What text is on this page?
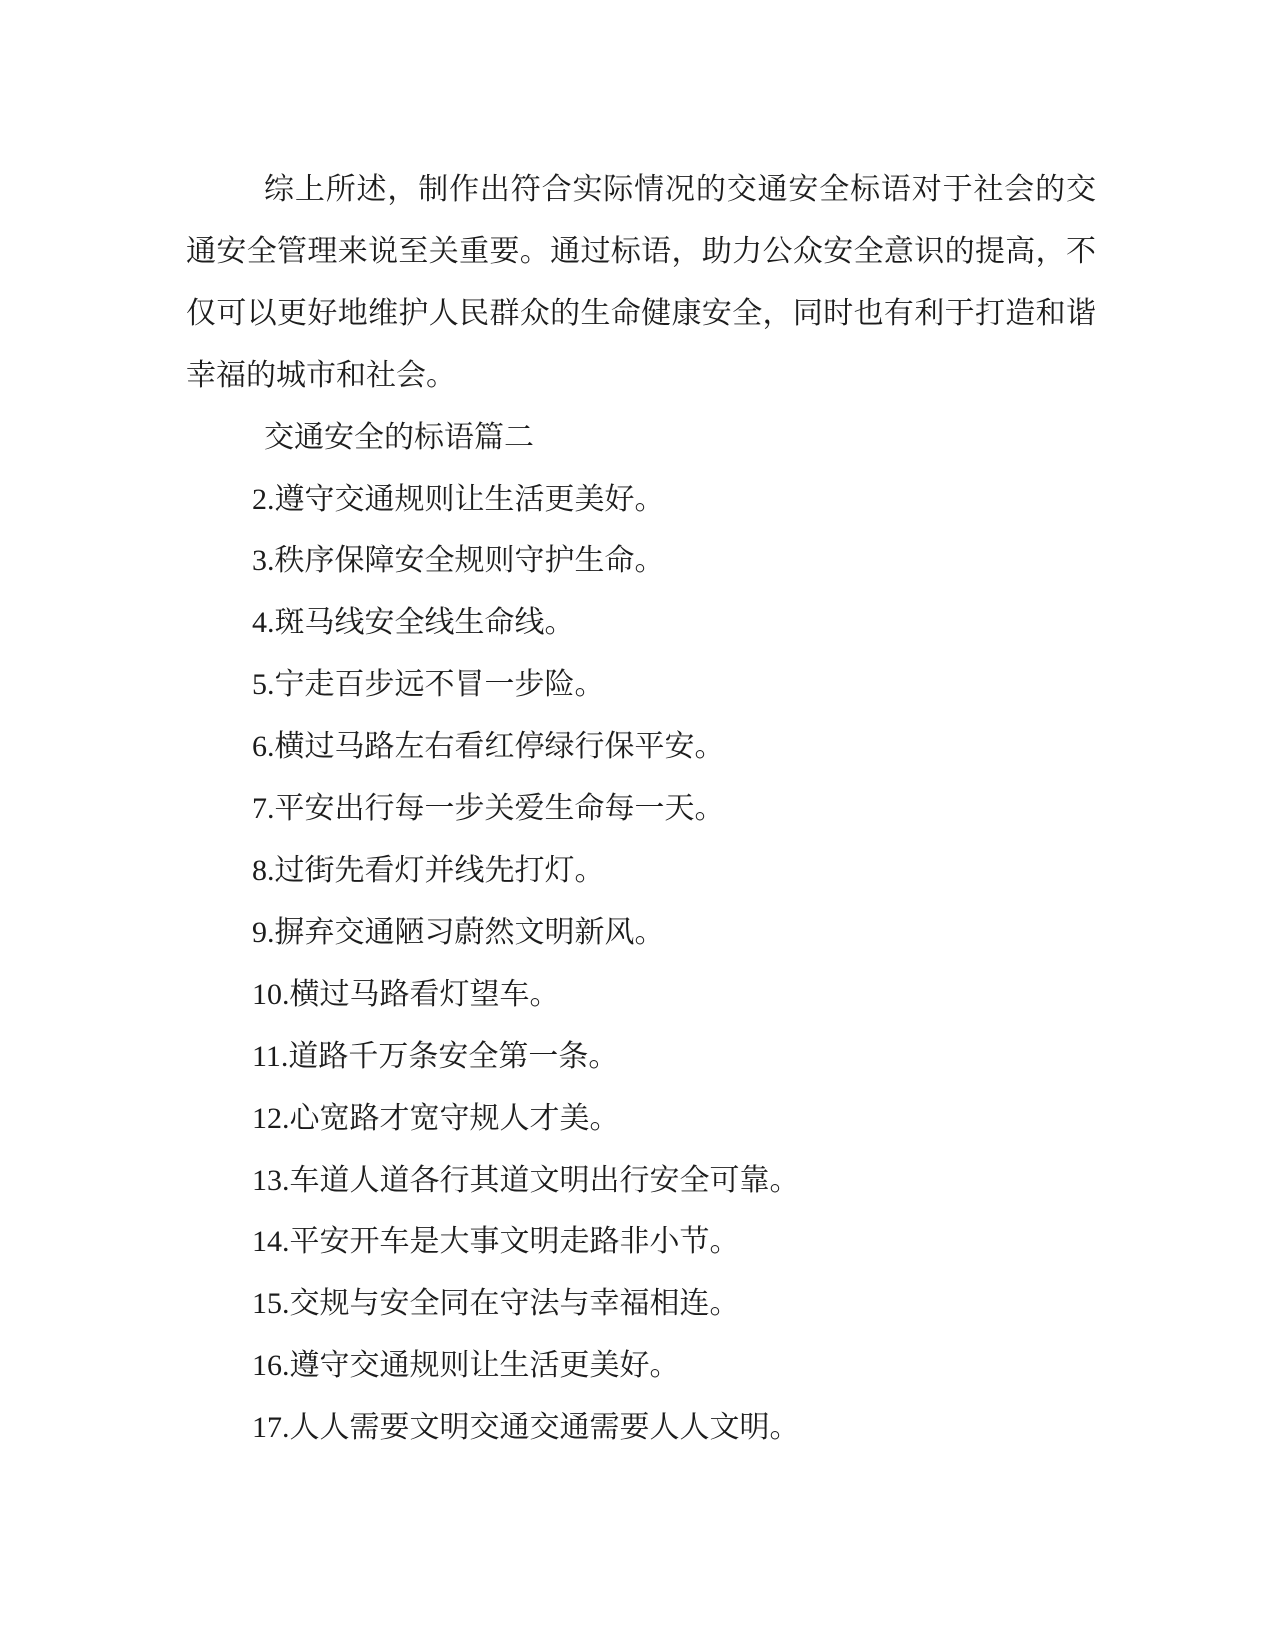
综上所述，制作出符合实际情况的交通安全标语对于社会的交通安全管理来说至关重要。通过标语，助力公众安全意识的提高，不仅可以更好地维护人民群众的生命健康安全，同时也有利于打造和谐幸福的城市和社会。

交通安全的标语篇二

2.遵守交通规则让生活更美好。

3.秩序保障安全规则守护生命。

4.斑马线安全线生命线。

5.宁走百步远不冒一步险。

6.横过马路左右看红停绿行保平安。

7.平安出行每一步关爱生命每一天。

8.过街先看灯并线先打灯。

9.摒弃交通陋习蔚然文明新风。

10.横过马路看灯望车。

11.道路千万条安全第一条。

12.心宽路才宽守规人才美。

13.车道人道各行其道文明出行安全可靠。

14.平安开车是大事文明走路非小节。

15.交规与安全同在守法与幸福相连。

16.遵守交通规则让生活更美好。

17.人人需要文明交通交通需要人人文明。
